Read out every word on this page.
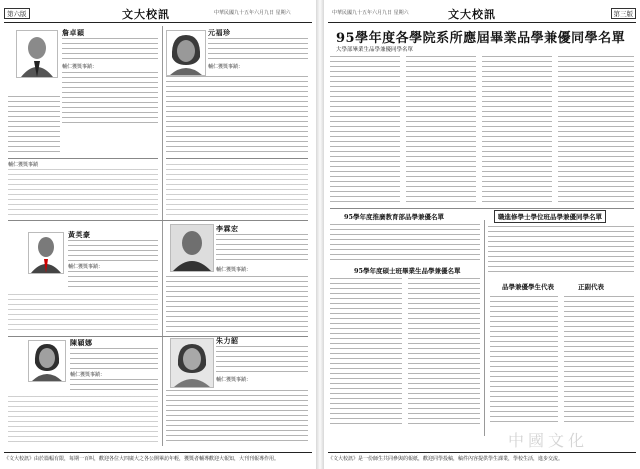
第六版	文大校訊	中華民國九十五年六月九日 星期六
詹卓穎
輔仁獲獎事蹟：
輔仁獲獎事蹟
元福珍
輔仁獲獎事蹟：
黃英豪
輔仁獲獎事蹟：
李霖宏
輔仁獲獎事蹟：
陳穎娜
輔仁獲獎事蹟：
朱力韶
輔仁獲獎事蹟：
《文大校訊》由於篇幅有限，每期一百叫，歡迎各位大四廣大之各公開畢訪年輕，獲獎者輔導歡迎大報知，大刊刊報導作用。
中華民國九十五年六月九日 星期六	文大校訊	第三版
95學年度各學院系所應屆畢業品學兼優同學名單
大學部畢業生品學兼優同學名單
95學年度推廣教育部品學兼優名單	職進修學士學位班品學兼優同學名單
95學年度碩士班畢業生品學兼優名單
品學兼優學生代表	正副代表
中國文化
《文大校訊》是一份師生共同參與的報紙，歡迎同學投稿，稿件內容提供學生課業，學校生活，進步交流。
